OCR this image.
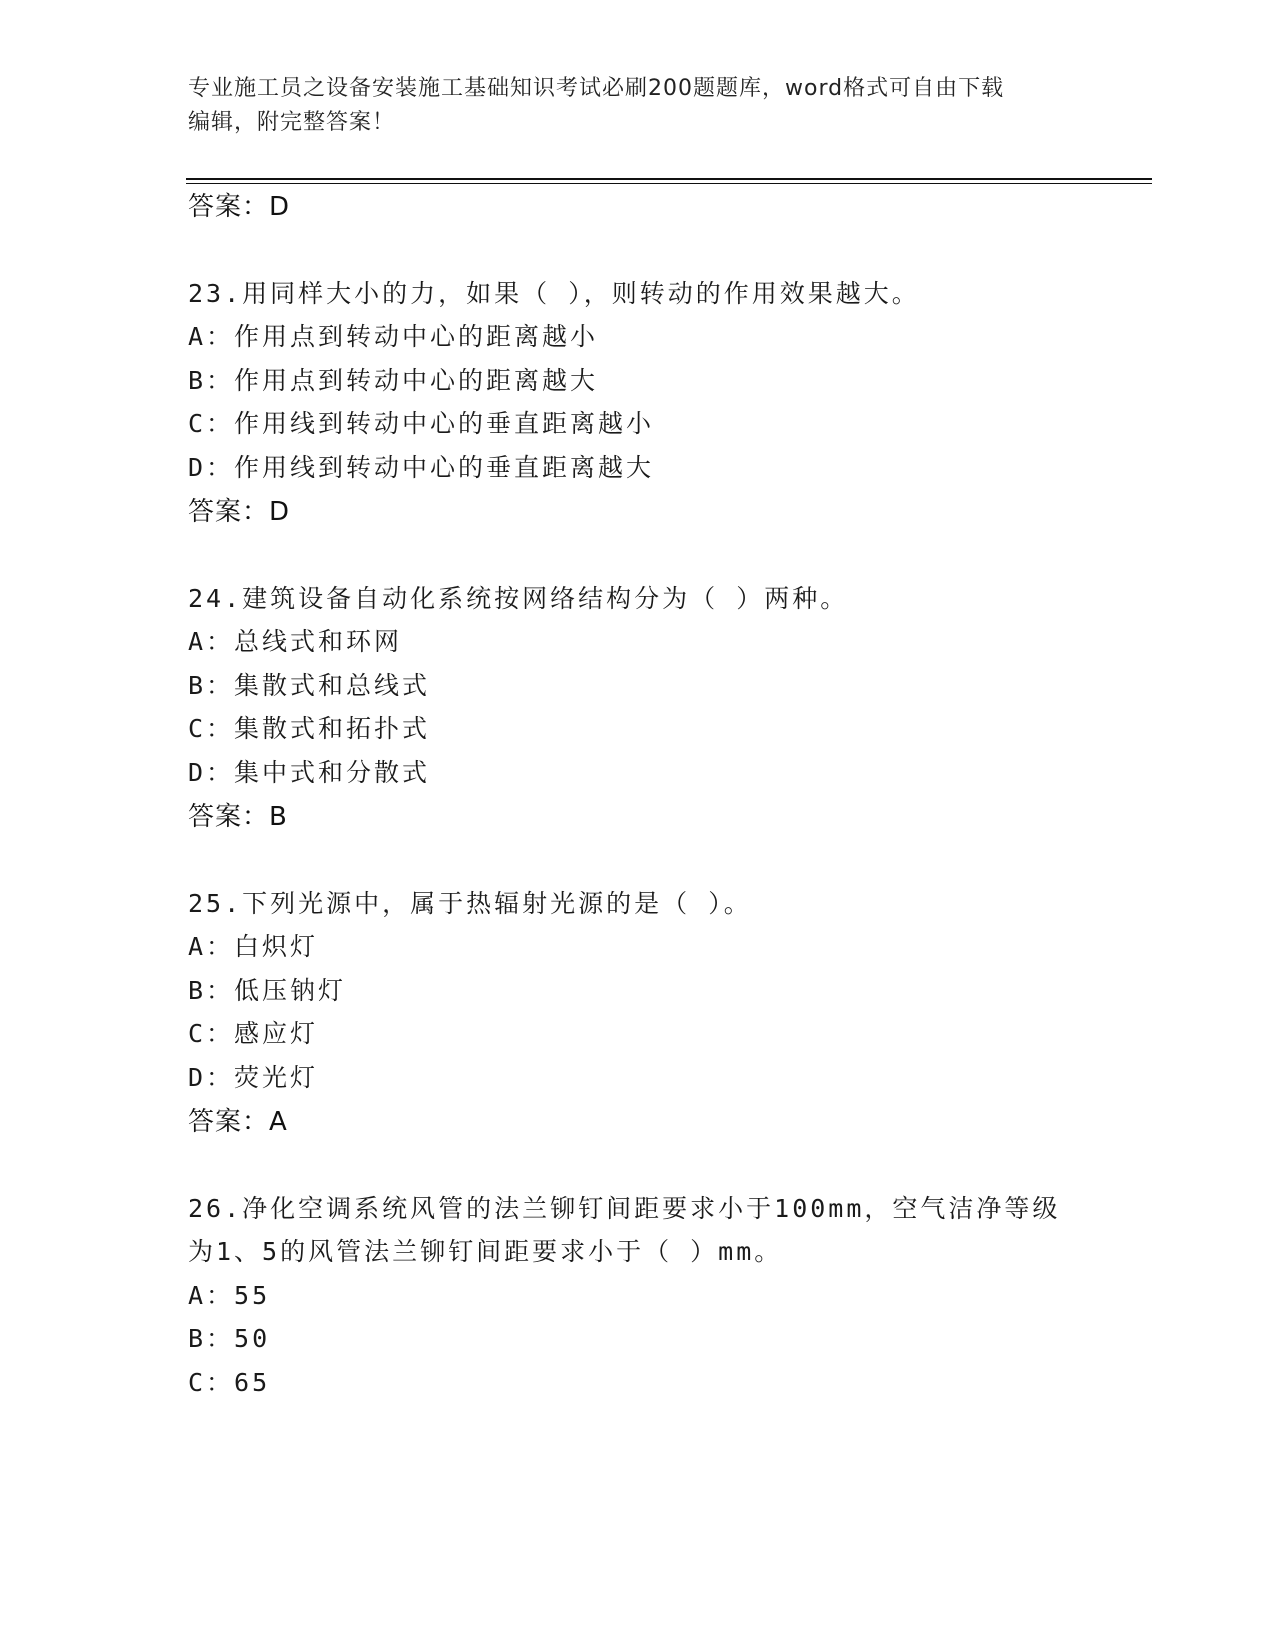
专业施工员之设备安装施工基础知识考试必刷200题题库，word格式可自由下载
编辑，附完整答案！
答案：D
23.用同样大小的力，如果（ ），则转动的作用效果越大。
A：作用点到转动中心的距离越小
B：作用点到转动中心的距离越大
C：作用线到转动中心的垂直距离越小
D：作用线到转动中心的垂直距离越大
答案：D
24.建筑设备自动化系统按网络结构分为（ ）两种。
A：总线式和环网
B：集散式和总线式
C：集散式和拓扑式
D：集中式和分散式
答案：B
25.下列光源中，属于热辐射光源的是（ ）。
A：白炽灯
B：低压钠灯
C：感应灯
D：荧光灯
答案：A
26.净化空调系统风管的法兰铆钉间距要求小于100mm，空气洁净等级
为1、5的风管法兰铆钉间距要求小于（ ）mm。
A：55
B：50
C：65
